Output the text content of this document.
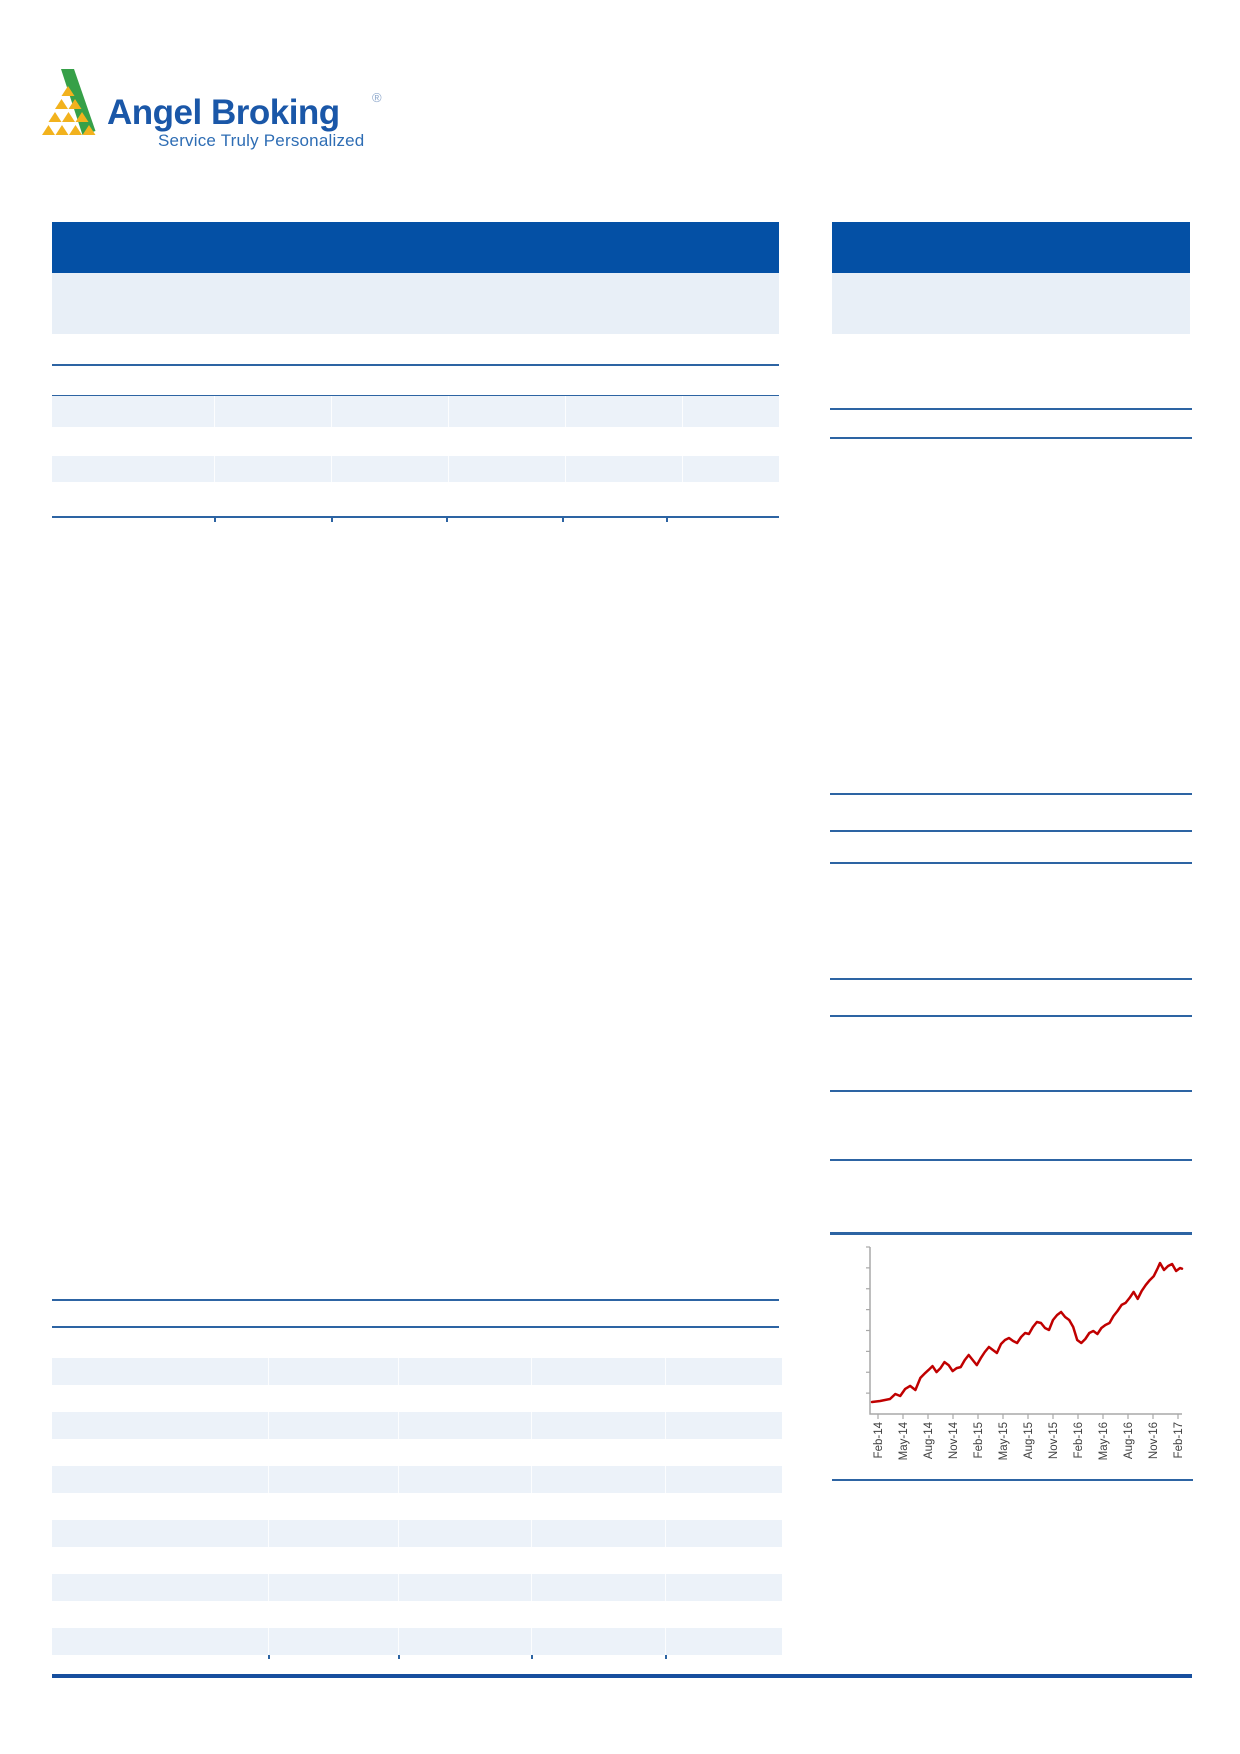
Angel Broking ®
Service Truly Personalized
Feb-14 May-14 Aug-14 Nov-14 Feb-15 May-15 Aug-15 Nov-15 Feb-16 May-16 Aug-16 Nov-16 Feb-17
